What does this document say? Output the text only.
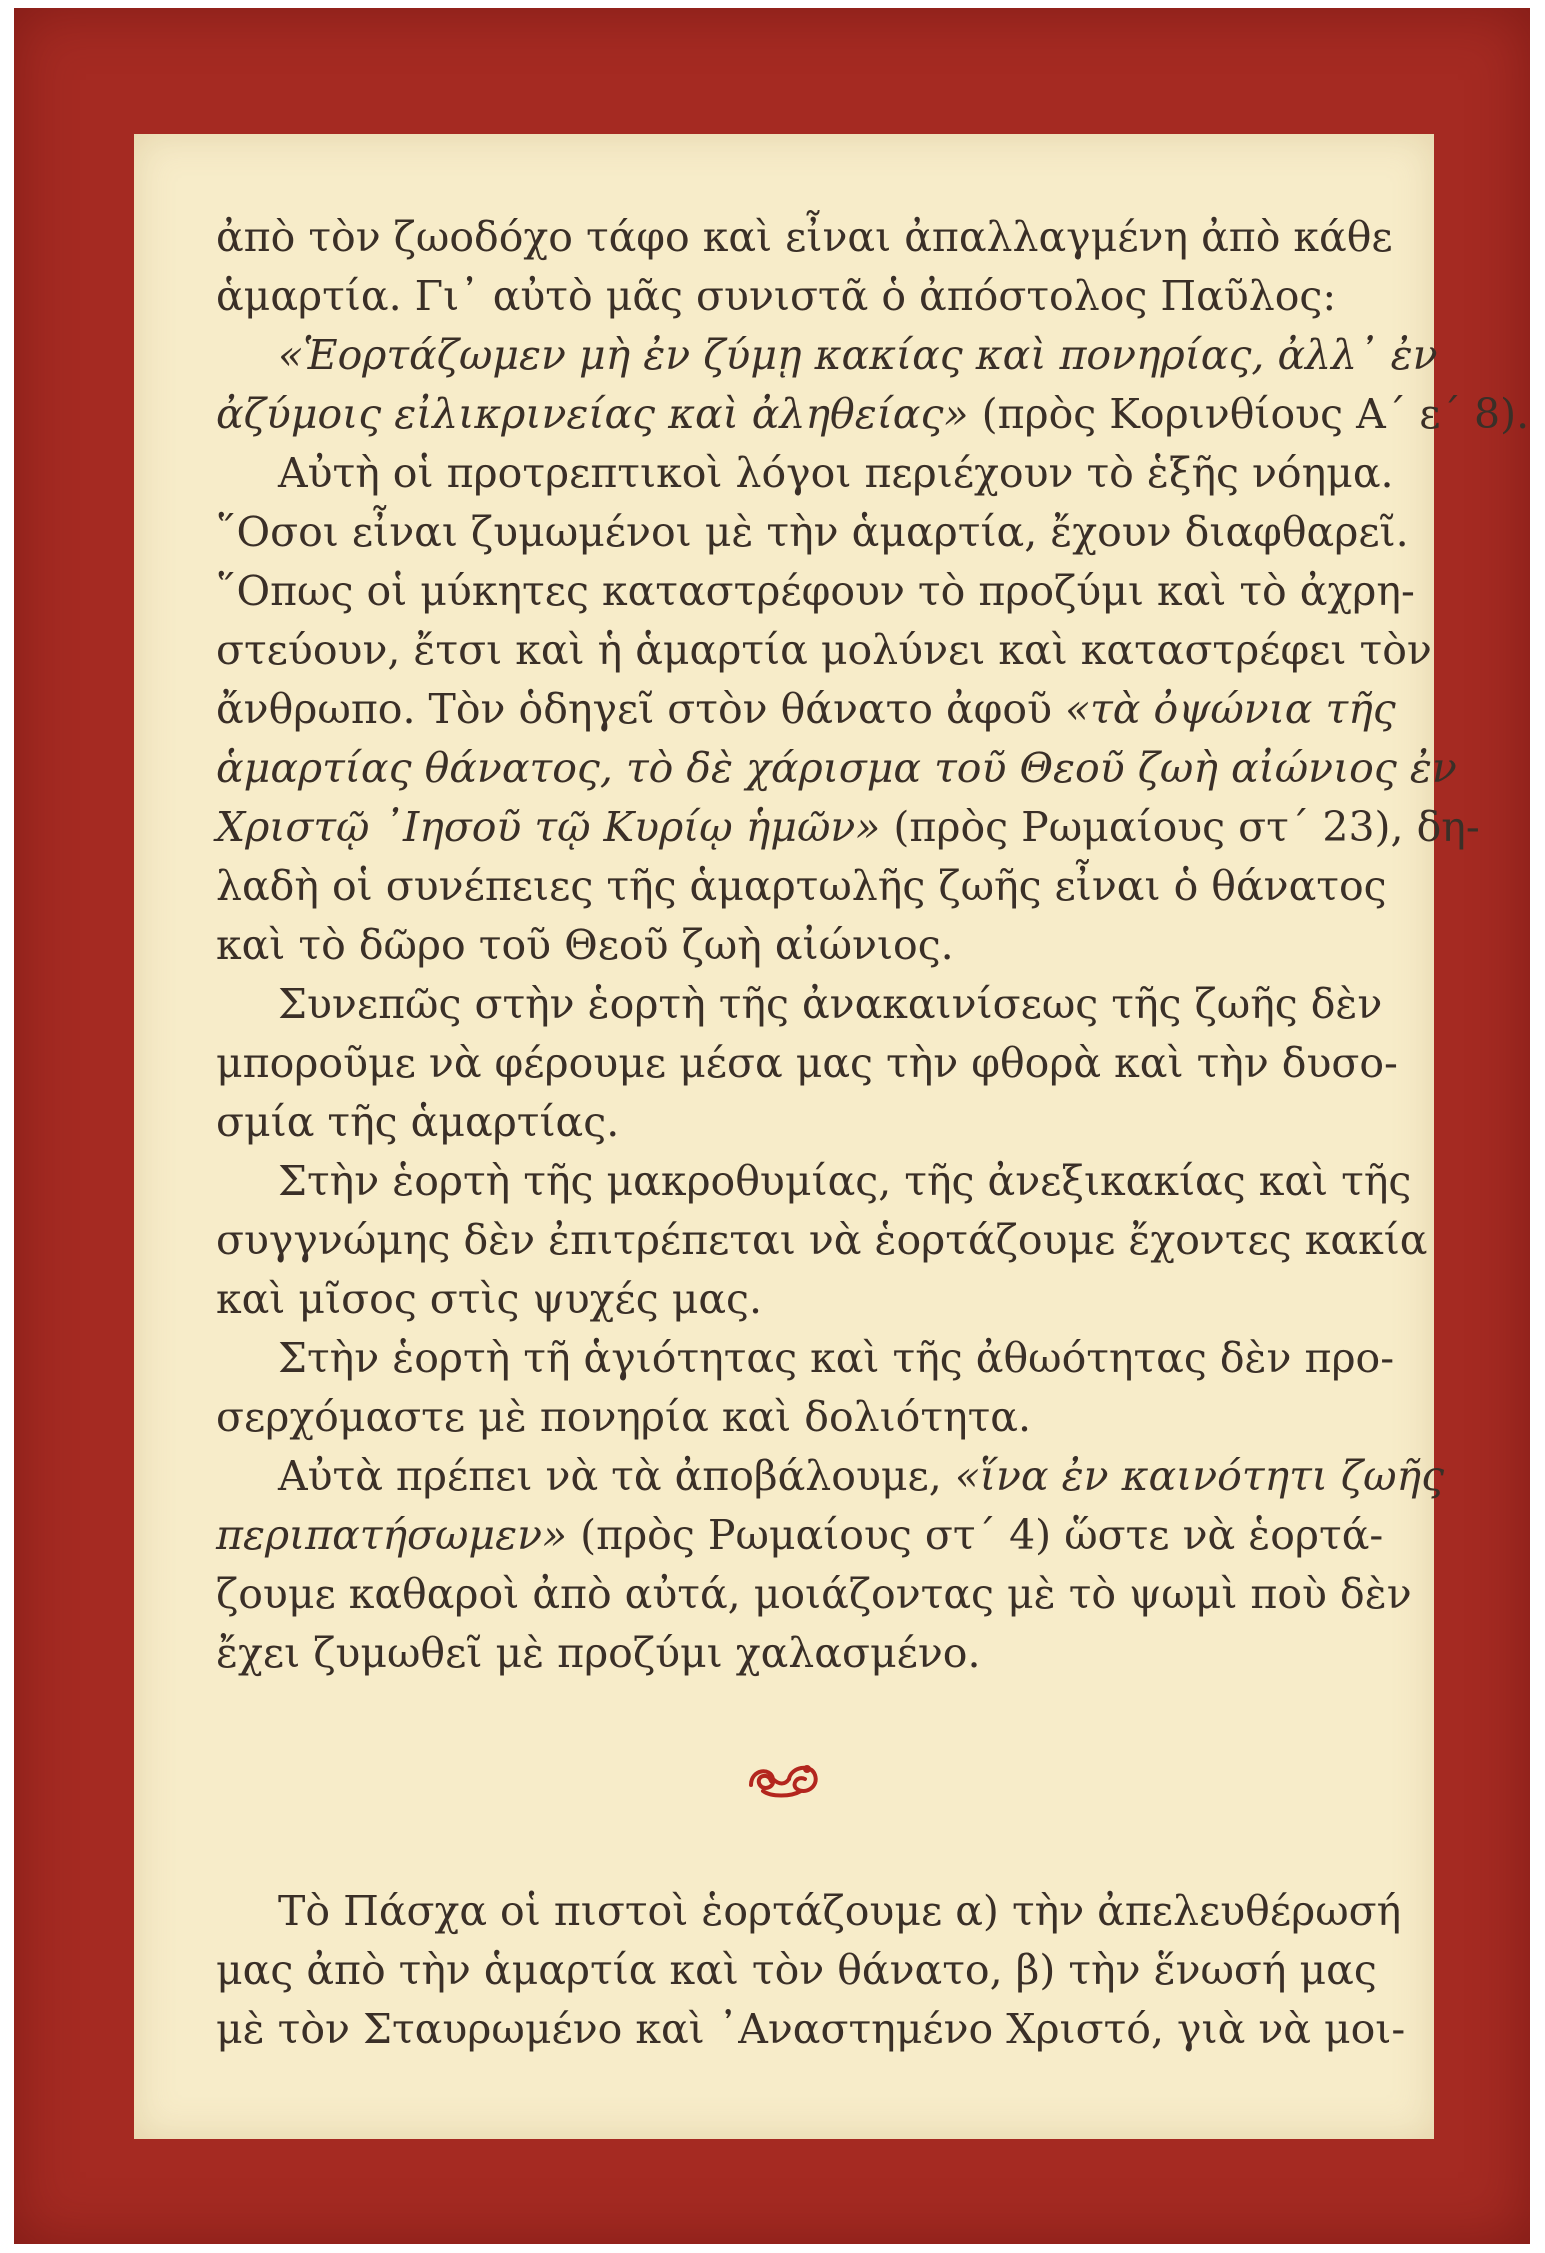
ἀπὸ τὸν ζωοδόχο τάφο καὶ εἶναι ἀπαλλαγμένη ἀπὸ κάθε
ἁμαρτία. Γι᾽ αὐτὸ μᾶς συνιστᾶ ὁ ἀπόστολος Παῦλος:
«Ἑορτάζωμεν μὴ ἐν ζύμῃ κακίας καὶ πονηρίας, ἀλλ᾽ ἐν
ἀζύμοις εἰλικρινείας καὶ ἀληθείας» (πρὸς Κορινθίους Α΄ ε΄ 8).

Αὐτὴ οἱ προτρεπτικοὶ λόγοι περιέχουν τὸ ἑξῆς νόημα.
῞Οσοι εἶναι ζυμωμένοι μὲ τὴν ἁμαρτία, ἔχουν διαφθαρεῖ.
῞Οπως οἱ μύκητες καταστρέφουν τὸ προζύμι καὶ τὸ ἀχρη-
στεύουν, ἔτσι καὶ ἡ ἁμαρτία μολύνει καὶ καταστρέφει τὸν
ἄνθρωπο. Τὸν ὁδηγεῖ στὸν θάνατο ἀφοῦ «τὰ ὀψώνια τῆς
ἁμαρτίας θάνατος, τὸ δὲ χάρισμα τοῦ Θεοῦ ζωὴ αἰώνιος ἐν
Χριστῷ ᾽Ιησοῦ τῷ Κυρίῳ ἡμῶν» (πρὸς Ρωμαίους στ΄ 23), δη-
λαδὴ οἱ συνέπειες τῆς ἁμαρτωλῆς ζωῆς εἶναι ὁ θάνατος
καὶ τὸ δῶρο τοῦ Θεοῦ ζωὴ αἰώνιος.

Συνεπῶς στὴν ἑορτὴ τῆς ἀνακαινίσεως τῆς ζωῆς δὲν
μποροῦμε νὰ φέρουμε μέσα μας τὴν φθορὰ καὶ τὴν δυσο-
σμία τῆς ἁμαρτίας.

Στὴν ἑορτὴ τῆς μακροθυμίας, τῆς ἀνεξικακίας καὶ τῆς
συγγνώμης δὲν ἐπιτρέπεται νὰ ἑορτάζουμε ἔχοντες κακία
καὶ μῖσος στὶς ψυχές μας.

Στὴν ἑορτὴ τῆ ἁγιότητας καὶ τῆς ἀθωότητας δὲν προ-
σερχόμαστε μὲ πονηρία καὶ δολιότητα.

Αὐτὰ πρέπει νὰ τὰ ἀποβάλουμε, «ἵνα ἐν καινότητι ζωῆς
περιπατήσωμεν» (πρὸς Ρωμαίους στ΄ 4) ὥστε νὰ ἑορτά-
ζουμε καθαροὶ ἀπὸ αὐτά, μοιάζοντας μὲ τὸ ψωμὶ ποὺ δὲν
ἔχει ζυμωθεῖ μὲ προζύμι χαλασμένο.

Τὸ Πάσχα οἱ πιστοὶ ἑορτάζουμε α) τὴν ἀπελευθέρωσή
μας ἀπὸ τὴν ἁμαρτία καὶ τὸν θάνατο, β) τὴν ἕνωσή μας
μὲ τὸν Σταυρωμένο καὶ ᾽Αναστημένο Χριστό, γιὰ νὰ μοι-
